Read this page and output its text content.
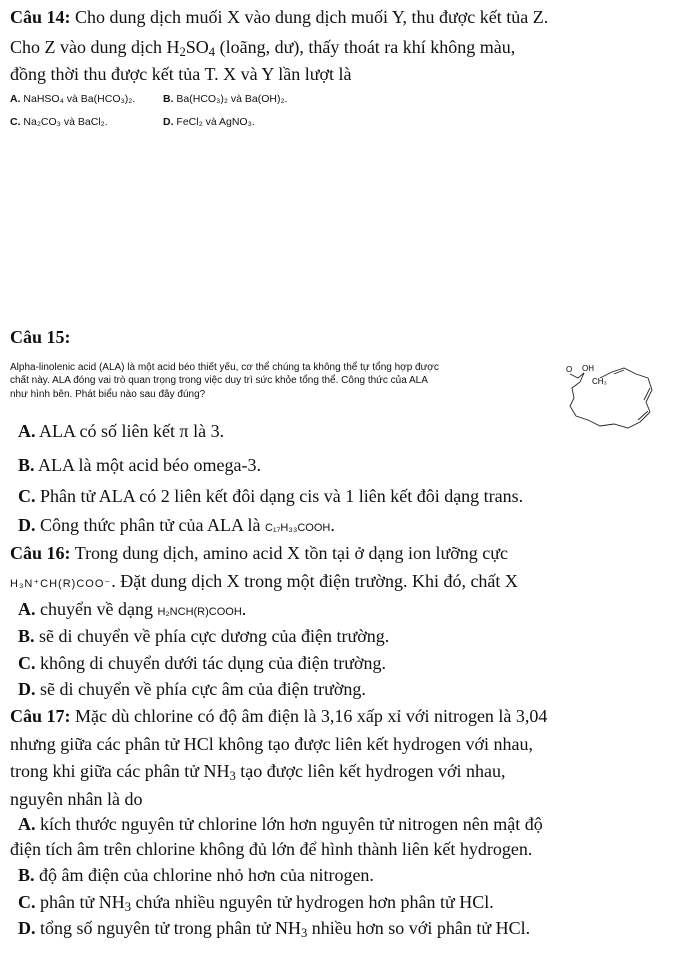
Câu 14: Cho dung dịch muối X vào dung dịch muối Y, thu được kết tủa Z.
Cho Z vào dung dịch $H_2SO_4$ (loãng, dư), thấy thoát ra khí không màu,
đồng thời thu được kết tủa T. X và Y lần lượt là
A. NaHSO₄ và Ba(HCO₃)₂.	B. Ba(HCO₃)₂ và Ba(OH)₂.
C. Na₂CO₃ và BaCl₂.	D. FeCl₂ và AgNO₃.
Câu 15:
Alpha-linolenic acid (ALA) là một acid béo thiết yếu, cơ thể chúng ta không thể tự tổng hợp được
chất này. ALA đóng vai trò quan trọng trong việc duy trì sức khỏe tổng thể. Công thức của ALA
như hình bên. Phát biểu nào sau đây đúng?
O OH
CH₃
A. ALA có số liên kết π là 3.
B. ALA là một acid béo omega-3.
C. Phân tử ALA có 2 liên kết đôi dạng cis và 1 liên kết đôi dạng trans.
D. Công thức phân tử của ALA là C₁₇H₃₃COOH.
Câu 16: Trong dung dịch, amino acid X tồn tại ở dạng ion lưỡng cực
H₃N⁺CH(R)COO⁻. Đặt dung dịch X trong một điện trường. Khi đó, chất X
A. chuyển về dạng H₂NCH(R)COOH.
B. sẽ di chuyển về phía cực dương của điện trường.
C. không di chuyển dưới tác dụng của điện trường.
D. sẽ di chuyển về phía cực âm của điện trường.
Câu 17: Mặc dù chlorine có độ âm điện là 3,16 xấp xỉ với nitrogen là 3,04
nhưng giữa các phân tử HCl không tạo được liên kết hydrogen với nhau,
trong khi giữa các phân tử $NH_3$ tạo được liên kết hydrogen với nhau,
nguyên nhân là do
A. kích thước nguyên tử chlorine lớn hơn nguyên tử nitrogen nên mật độ
điện tích âm trên chlorine không đủ lớn để hình thành liên kết hydrogen.
B. độ âm điện của chlorine nhỏ hơn của nitrogen.
C. phân tử $NH_3$ chứa nhiều nguyên tử hydrogen hơn phân tử HCl.
D. tổng số nguyên tử trong phân tử $NH_3$ nhiều hơn so với phân tử HCl.
